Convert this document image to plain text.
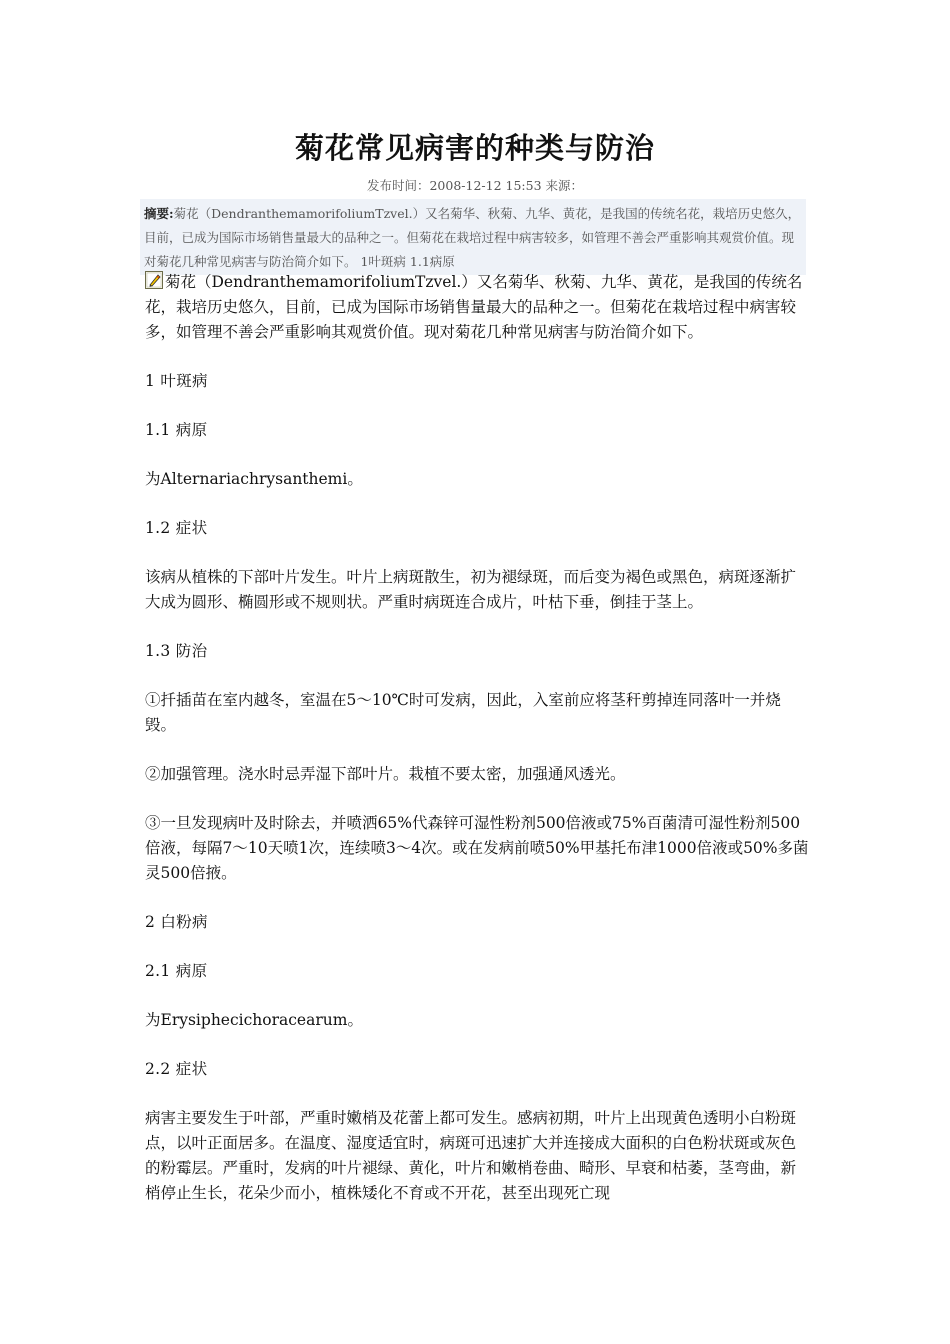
菊花常见病害的种类与防治
发布时间：2008-12-12 15:53 来源：
摘要:菊花（DendranthemamorifoliumTzvel.）又名菊华、秋菊、九华、黄花，是我国的传统名花，栽培历史悠久，目前，已成为国际市场销售量最大的品种之一。但菊花在栽培过程中病害较多，如管理不善会严重影响其观赏价值。现对菊花几种常见病害与防治简介如下。 1叶斑病 1.1病原

菊花（DendranthemamorifoliumTzvel.）又名菊华、秋菊、九华、黄花，是我国的传统名花，栽培历史悠久，目前，已成为国际市场销售量最大的品种之一。但菊花在栽培过程中病害较多，如管理不善会严重影响其观赏价值。现对菊花几种常见病害与防治简介如下。

1 叶斑病

1.1 病原

为Alternariachrysanthemi。

1.2 症状

该病从植株的下部叶片发生。叶片上病斑散生，初为褪绿斑，而后变为褐色或黑色，病斑逐渐扩大成为圆形、椭圆形或不规则状。严重时病斑连合成片，叶枯下垂，倒挂于茎上。

1.3 防治

①扦插苗在室内越冬，室温在5～10℃时可发病，因此，入室前应将茎秆剪掉连同落叶一并烧毁。

②加强管理。浇水时忌弄湿下部叶片。栽植不要太密，加强通风透光。

③一旦发现病叶及时除去，并喷洒65%代森锌可湿性粉剂500倍液或75%百菌清可湿性粉剂500倍液，每隔7～10天喷1次，连续喷3～4次。或在发病前喷50%甲基托布津1000倍液或50%多菌灵500倍掖。

2 白粉病

2.1 病原

为Erysiphecichoracearum。

2.2 症状

病害主要发生于叶部，严重时嫩梢及花蕾上都可发生。感病初期，叶片上出现黄色透明小白粉斑点，以叶正面居多。在温度、湿度适宜时，病斑可迅速扩大并连接成大面积的白色粉状斑或灰色的粉霉层。严重时，发病的叶片褪绿、黄化，叶片和嫩梢卷曲、畸形、早衰和枯萎，茎弯曲，新梢停止生长，花朵少而小，植株矮化不育或不开花，甚至出现死亡现
